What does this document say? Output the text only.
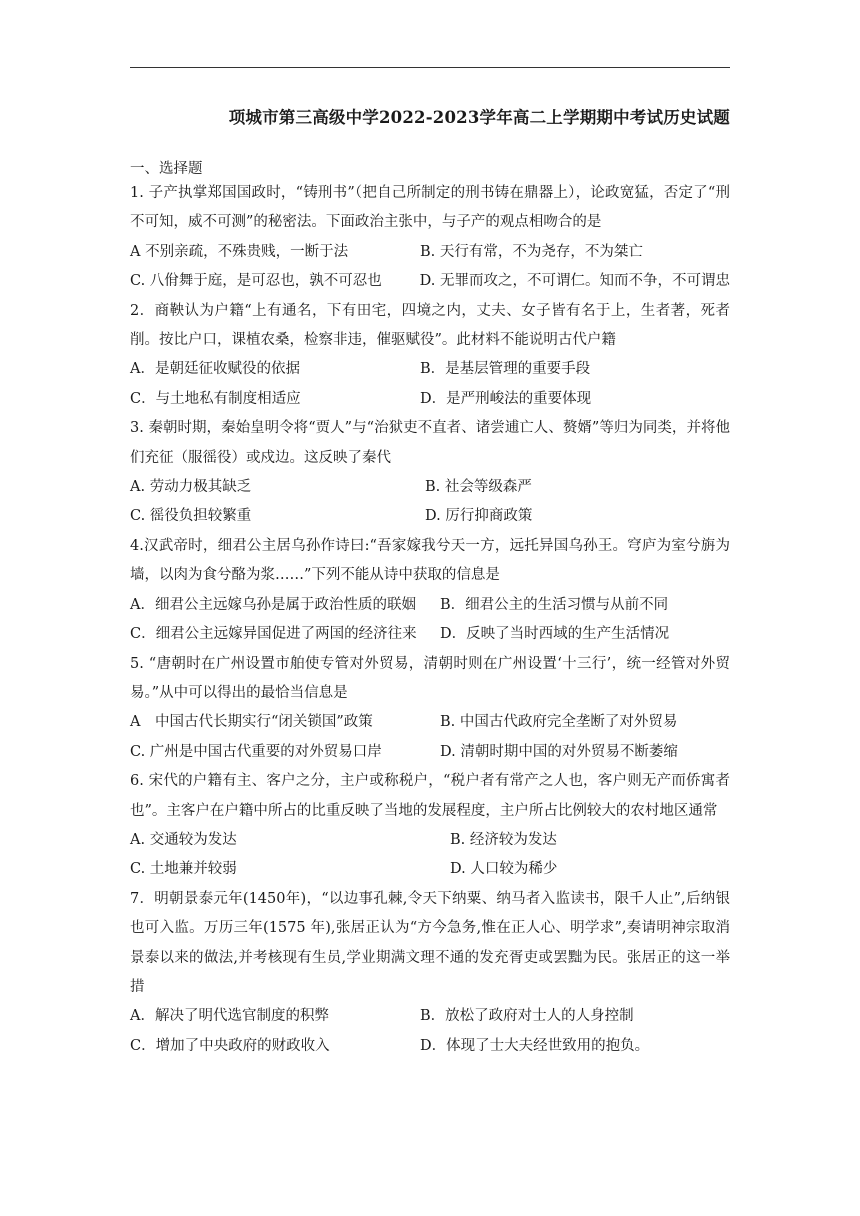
项城市第三高级中学2022-2023学年高二上学期期中考试历史试题
一、选择题

1. 子产执掌郑国国政时，“铸刑书”（把自己所制定的刑书铸在鼎器上），论政宽猛，否定了“刑不可知，威不可测”的秘密法。下面政治主张中，与子产的观点相吻合的是

A 不别亲疏，不殊贵贱，一断于法	B. 天行有常，不为尧存，不为桀亡
C. 八佾舞于庭，是可忍也，孰不可忍也	D. 无罪而攻之，不可谓仁。知而不争，不可谓忠

2．商鞅认为户籍“上有通名，下有田宅，四境之内，丈夫、女子皆有名于上，生者著，死者削。按比户口，课植农桑，检察非违，催驱赋役”。此材料不能说明古代户籍

A．是朝廷征收赋役的依据	B．是基层管理的重要手段
C．与土地私有制度相适应	D．是严刑峻法的重要体现

3. 秦朝时期，秦始皇明令将“贾人”与“治狱吏不直者、诸尝逋亡人、赘婿”等归为同类，并将他们充征（服徭役）或戍边。这反映了秦代

A. 劳动力极其缺乏	B. 社会等级森严
C. 徭役负担较繁重	D. 厉行抑商政策

4.汉武帝时，细君公主居乌孙作诗曰:“吾家嫁我兮天一方，远托异国乌孙王。穹庐为室兮旃为墙，以肉为食兮酪为浆……”下列不能从诗中获取的信息是

A．细君公主远嫁乌孙是属于政治性质的联姻	B．细君公主的生活习惯与从前不同
C．细君公主远嫁异国促进了两国的经济往来	D．反映了当时西域的生产生活情况

5. “唐朝时在广州设置市舶使专管对外贸易，清朝时则在广州设置‘十三行’，统一经管对外贸易。”从中可以得出的最恰当信息是

A　中国古代长期实行“闭关锁国”政策	B. 中国古代政府完全垄断了对外贸易
C. 广州是中国古代重要的对外贸易口岸	D. 清朝时期中国的对外贸易不断萎缩

6. 宋代的户籍有主、客户之分，主户或称税户，“税户者有常产之人也，客户则无产而侨寓者也”。主客户在户籍中所占的比重反映了当地的发展程度，主户所占比例较大的农村地区通常

A. 交通较为发达	B. 经济较为发达
C. 土地兼并较弱	D. 人口较为稀少

7．明朝景泰元年(1450年)，“以边事孔棘,令天下纳粟、纳马者入监读书，限千人止”,后纳银也可入监。万历三年(1575 年),张居正认为“方今急务,惟在正人心、明学求”,奏请明神宗取消景泰以来的做法,并考核现有生员,学业期满文理不通的发充胥吏或罢黜为民。张居正的这一举措

A．解决了明代选官制度的积弊	B．放松了政府对士人的人身控制
C．增加了中央政府的财政收入	D．体现了士大夫经世致用的抱负。
